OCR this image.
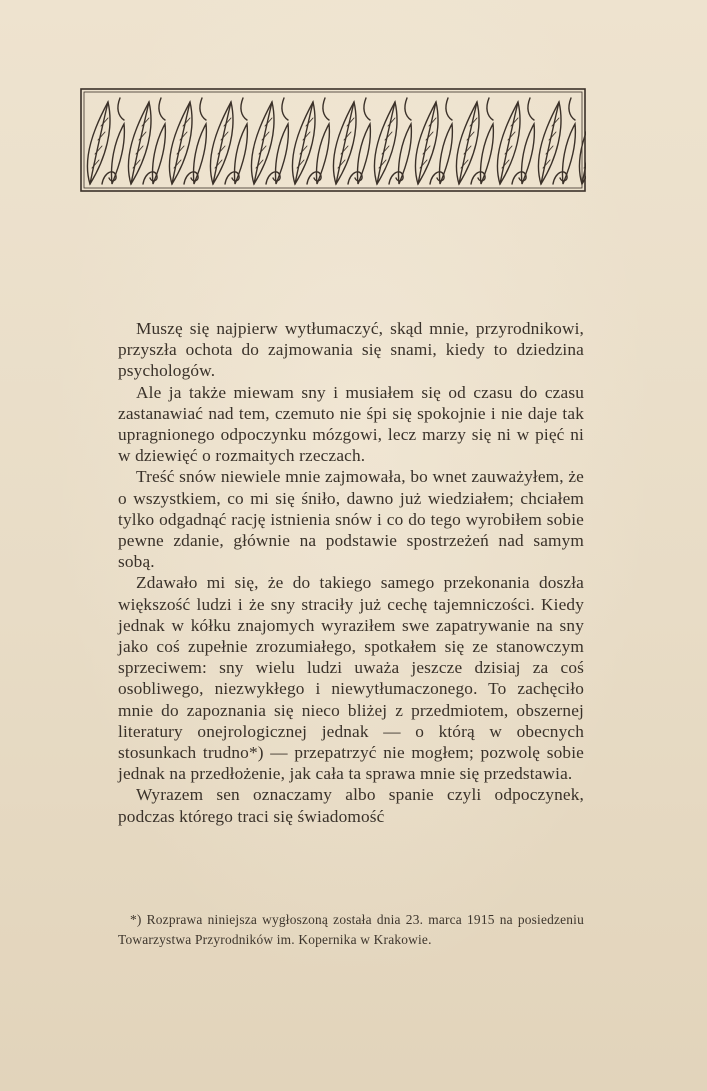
Muszę się najpierw wytłumaczyć, skąd mnie, przyrodnikowi, przyszła ochota do zajmowania się snami, kiedy to dziedzina psychologów.

Ale ja także miewam sny i musiałem się od czasu do czasu zastanawiać nad tem, czemuto nie śpi się spokojnie i nie daje tak upragnionego odpoczynku mózgowi, lecz marzy się ni w pięć ni w dziewięć o rozmaitych rzeczach.

Treść snów niewiele mnie zajmowała, bo wnet zauważyłem, że o wszystkiem, co mi się śniło, dawno już wiedziałem; chciałem tylko odgadnąć rację istnienia snów i co do tego wyrobiłem sobie pewne zdanie, głównie na podstawie spostrzeżeń nad samym sobą.

Zdawało mi się, że do takiego samego przekonania doszła większość ludzi i że sny straciły już cechę tajemniczości. Kiedy jednak w kółku znajomych wyraziłem swe zapatrywanie na sny jako coś zupełnie zrozumiałego, spotkałem się ze stanowczym sprzeciwem: sny wielu ludzi uważa jeszcze dzisiaj za coś osobliwego, niezwykłego i niewytłumaczonego. To zachęciło mnie do zapoznania się nieco bliżej z przedmiotem, obszernej literatury onejrologicznej jednak — o którą w obecnych stosunkach trudno*) — przepatrzyć nie mogłem; pozwolę sobie jednak na przedłożenie, jak cała ta sprawa mnie się przedstawia.

Wyrazem sen oznaczamy albo spanie czyli odpoczynek, podczas którego traci się świadomość

*) Rozprawa niniejsza wygłoszoną została dnia 23. marca 1915 na posiedzeniu Towarzystwa Przyrodników im. Kopernika w Krakowie.
